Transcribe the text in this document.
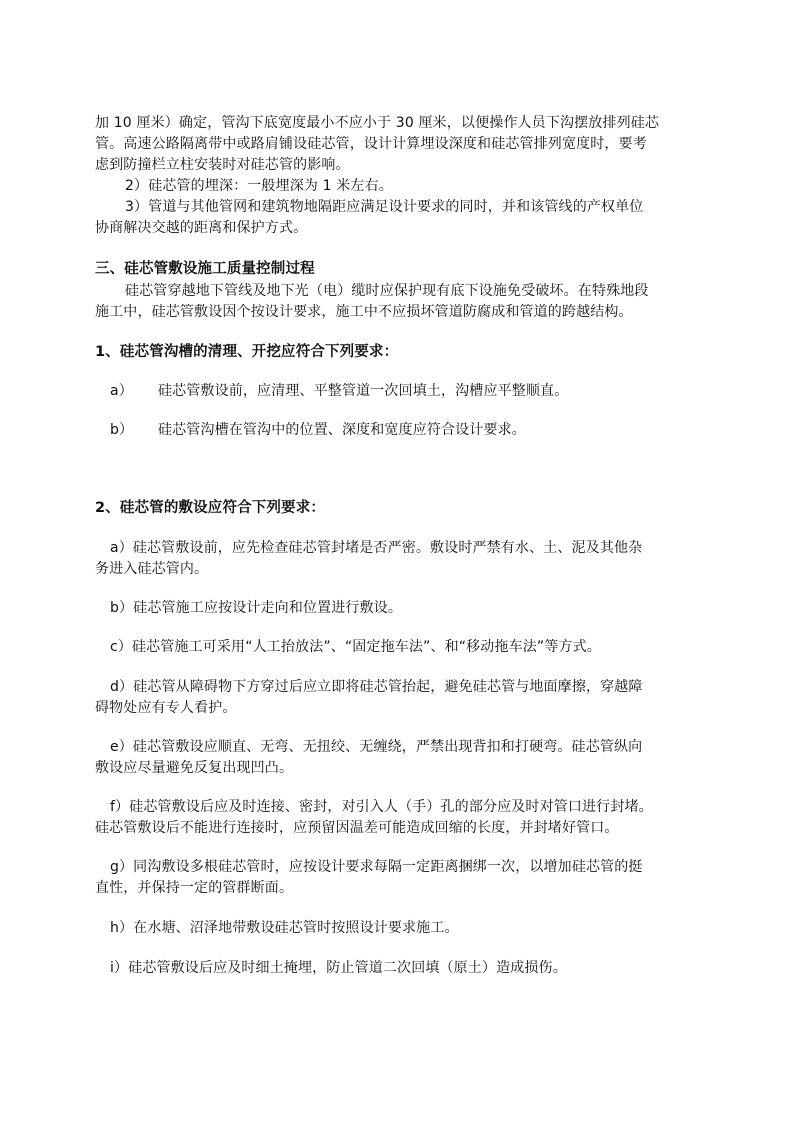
加 10 厘米）确定，管沟下底宽度最小不应小于 30 厘米，以便操作人员下沟摆放排列硅芯
管。高速公路隔离带中或路肩铺设硅芯管，设计计算埋设深度和硅芯管排列宽度时，要考
虑到防撞栏立柱安装时对硅芯管的影响。
2）硅芯管的埋深：一般埋深为 1 米左右。
3）管道与其他管网和建筑物地隔距应满足设计要求的同时，并和该管线的产权单位
协商解决交越的距离和保护方式。
三、硅芯管敷设施工质量控制过程
硅芯管穿越地下管线及地下光（电）缆时应保护现有底下设施免受破坏。在特殊地段
施工中，硅芯管敷设因个按设计要求，施工中不应损坏管道防腐成和管道的跨越结构。
1、硅芯管沟槽的清理、开挖应符合下列要求：
a） 硅芯管敷设前，应清理、平整管道一次回填土，沟槽应平整顺直。
b） 硅芯管沟槽在管沟中的位置、深度和宽度应符合设计要求。
2、硅芯管的敷设应符合下列要求：
a）硅芯管敷设前，应先检查硅芯管封堵是否严密。敷设时严禁有水、土、泥及其他杂
务进入硅芯管内。
b）硅芯管施工应按设计走向和位置进行敷设。
c）硅芯管施工可采用“人工抬放法”、“固定拖车法”、和“移动拖车法”等方式。
d）硅芯管从障碍物下方穿过后应立即将硅芯管抬起，避免硅芯管与地面摩擦，穿越障
碍物处应有专人看护。
e）硅芯管敷设应顺直、无弯、无扭绞、无缠绕，严禁出现背扣和打硬弯。硅芯管纵向
敷设应尽量避免反复出现凹凸。
f）硅芯管敷设后应及时连接、密封，对引入人（手）孔的部分应及时对管口进行封堵。
硅芯管敷设后不能进行连接时，应预留因温差可能造成回缩的长度，并封堵好管口。
g）同沟敷设多根硅芯管时，应按设计要求每隔一定距离捆绑一次，以增加硅芯管的挺
直性，并保持一定的管群断面。
h）在水塘、沼泽地带敷设硅芯管时按照设计要求施工。
i）硅芯管敷设后应及时细土掩埋，防止管道二次回填（原土）造成损伤。
